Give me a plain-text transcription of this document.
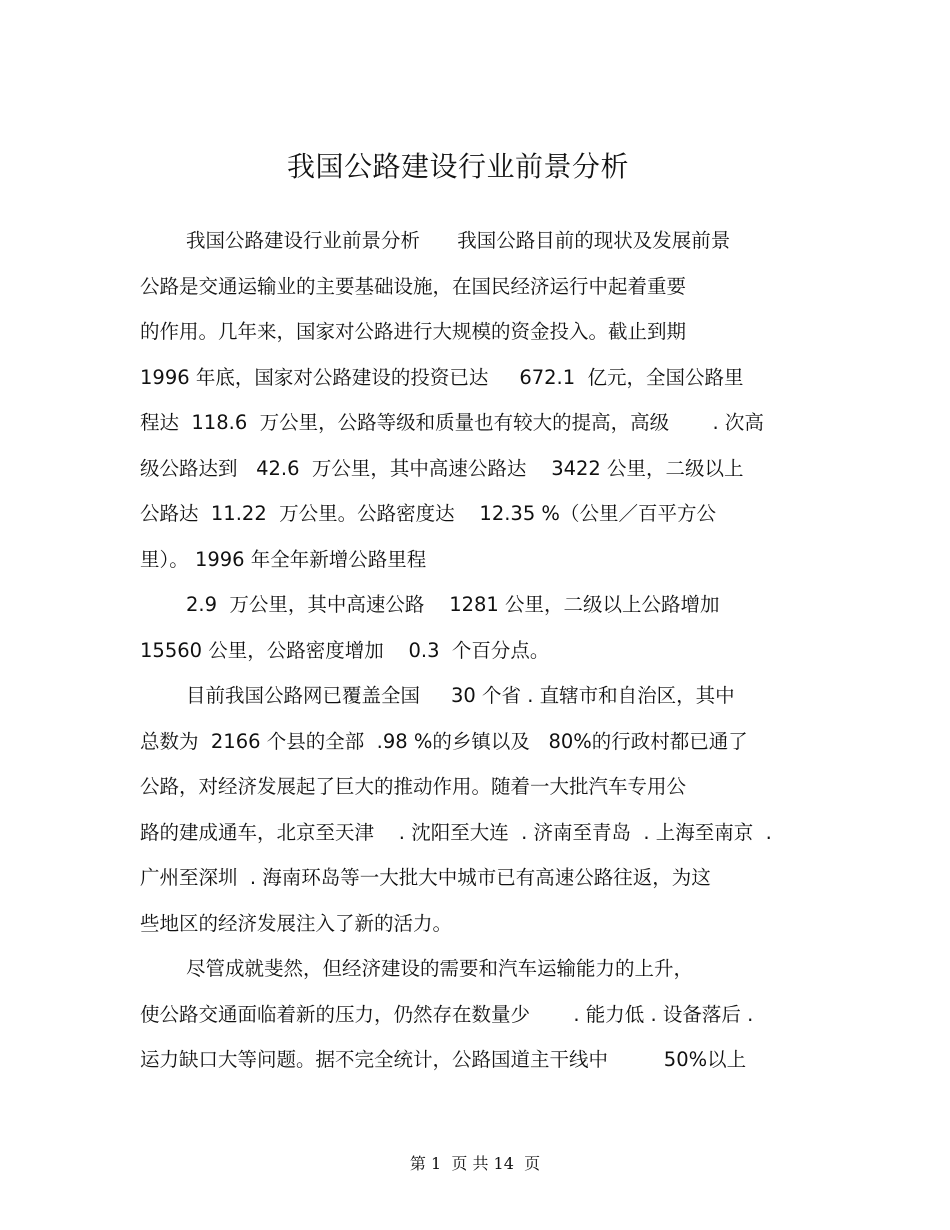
我国公路建设行业前景分析
我国公路建设行业前景分析      我国公路目前的现状及发展前景
公路是交通运输业的主要基础设施，在国民经济运行中起着重要
的作用。几年来，国家对公路进行大规模的资金投入。截止到期
1996 年底，国家对公路建设的投资已达     672.1  亿元，全国公路里
程达  118.6  万公里，公路等级和质量也有较大的提高，高级       . 次高
级公路达到   42.6  万公里，其中高速公路达    3422 公里，二级以上
公路达  11.22  万公里。公路密度达    12.35 %（公里／百平方公
里）。 1996 年全年新增公路里程
2.9  万公里，其中高速公路    1281 公里，二级以上公路增加
15560 公里，公路密度增加    0.3  个百分点。
目前我国公路网已覆盖全国     30 个省 . 直辖市和自治区，其中
总数为  2166 个县的全部  .98 %的乡镇以及   80%的行政村都已通了
公路，对经济发展起了巨大的推动作用。随着一大批汽车专用公
路的建成通车，北京至天津    . 沈阳至大连  . 济南至青岛  . 上海至南京  .
广州至深圳  . 海南环岛等一大批大中城市已有高速公路往返，为这
些地区的经济发展注入了新的活力。
尽管成就斐然，但经济建设的需要和汽车运输能力的上升，
使公路交通面临着新的压力，仍然存在数量少       . 能力低 . 设备落后 .
运力缺口大等问题。据不完全统计，公路国道主干线中         50%以上
第 1  页 共 14  页
